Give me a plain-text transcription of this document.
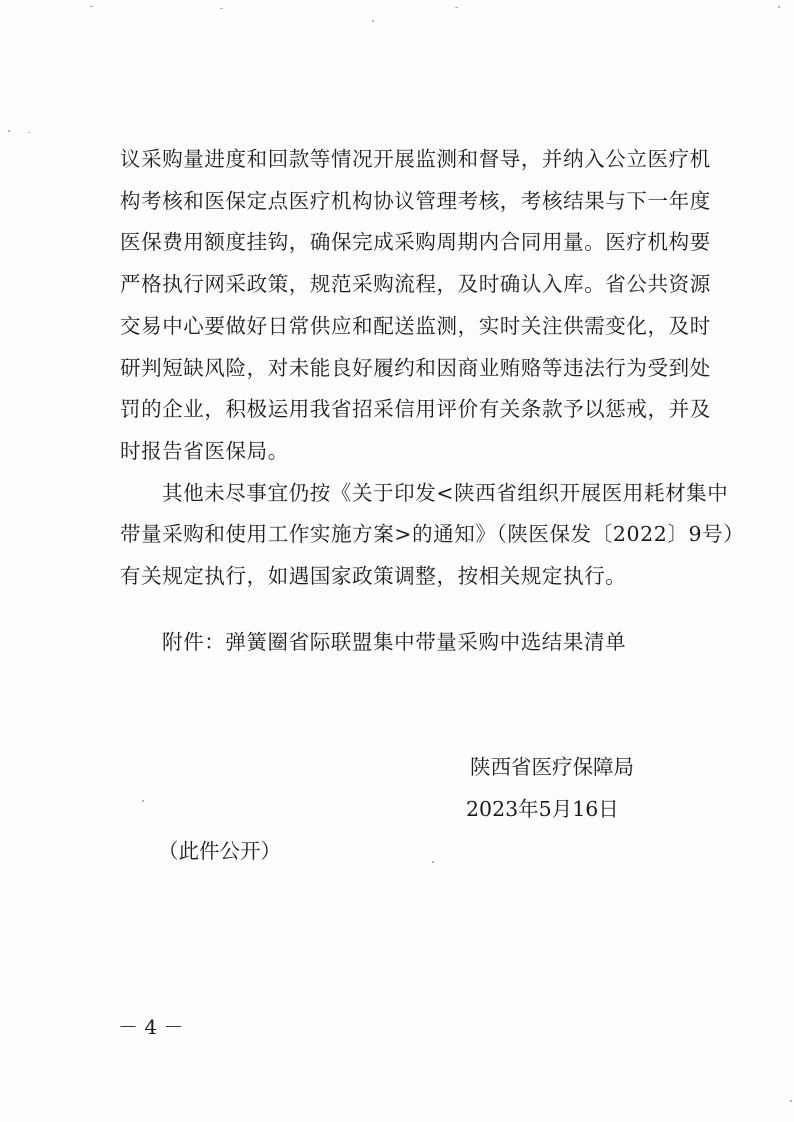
议采购量进度和回款等情况开展监测和督导，并纳入公立医疗机
构考核和医保定点医疗机构协议管理考核，考核结果与下一年度
医保费用额度挂钩，确保完成采购周期内合同用量。医疗机构要
严格执行网采政策，规范采购流程，及时确认入库。省公共资源
交易中心要做好日常供应和配送监测，实时关注供需变化，及时
研判短缺风险，对未能良好履约和因商业贿赂等违法行为受到处
罚的企业，积极运用我省招采信用评价有关条款予以惩戒，并及
时报告省医保局。
其他未尽事宜仍按《关于印发<陕西省组织开展医用耗材集中
带量采购和使用工作实施方案>的通知》（陕医保发〔2022〕9号）
有关规定执行，如遇国家政策调整，按相关规定执行。
附件：弹簧圈省际联盟集中带量采购中选结果清单
陕西省医疗保障局
2023年5月16日
（此件公开）
－ 4 －
